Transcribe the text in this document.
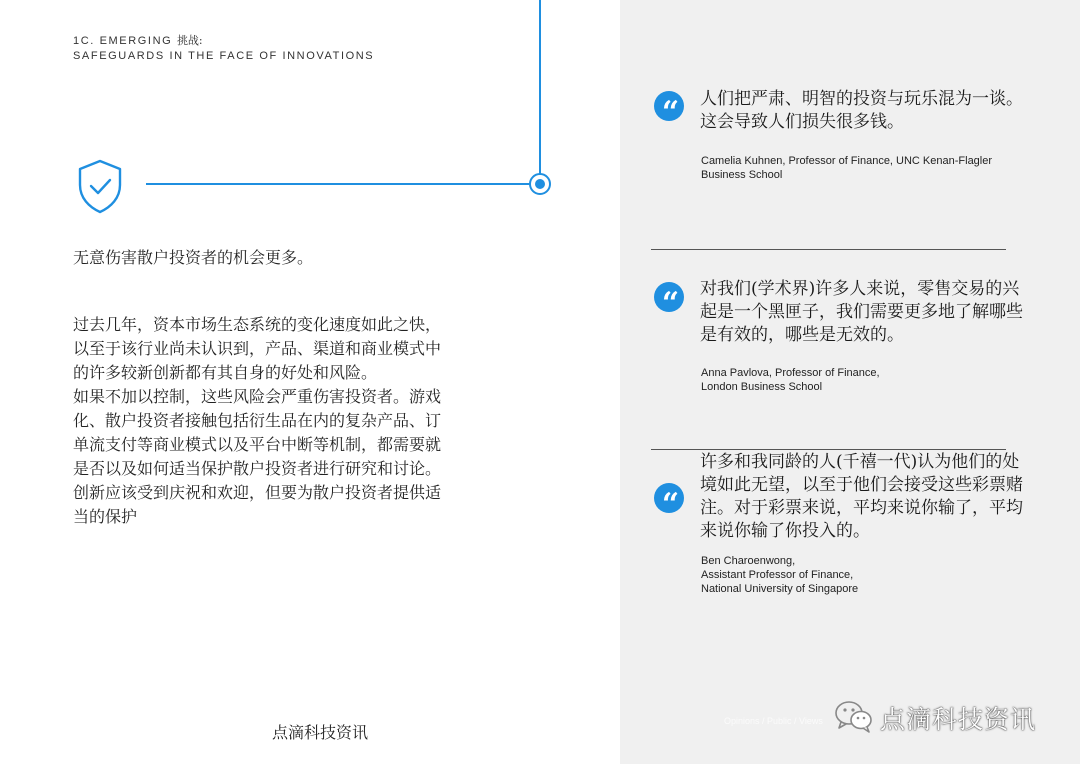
1C. EMERGING 挑战:
SAFEGUARDS IN THE FACE OF INNOVATIONS
无意伤害散户投资者的机会更多。

过去几年，资本市场生态系统的变化速度如此之快，以至于该行业尚未认识到，产品、渠道和商业模式中的许多较新创新都有其自身的好处和风险。

如果不加以控制，这些风险会严重伤害投资者。游戏化、散户投资者接触包括衍生品在内的复杂产品、订单流支付等商业模式以及平台中断等机制，都需要就是否以及如何适当保护散户投资者进行研究和讨论。创新应该受到庆祝和欢迎，但要为散户投资者提供适当的保护

点滴科技资讯
“	人们把严肃、明智的投资与玩乐混为一谈。这会导致人们损失很多钱。
Camelia Kuhnen, Professor of Finance, UNC Kenan-Flagler
Business School
“	对我们(学术界)许多人来说，零售交易的兴起是一个黑匣子，我们需要更多地了解哪些是有效的，哪些是无效的。
Anna Pavlova, Professor of Finance,
London Business School
“
许多和我同龄的人(千禧一代)认为他们的处境如此无望，以至于他们会接受这些彩票赌注。对于彩票来说，平均来说你输了，平均来说你输了你投入的。
Ben Charoenwong,
Assistant Professor of Finance,
National University of Singapore
Opinions / Public / Views 点滴科技资讯
